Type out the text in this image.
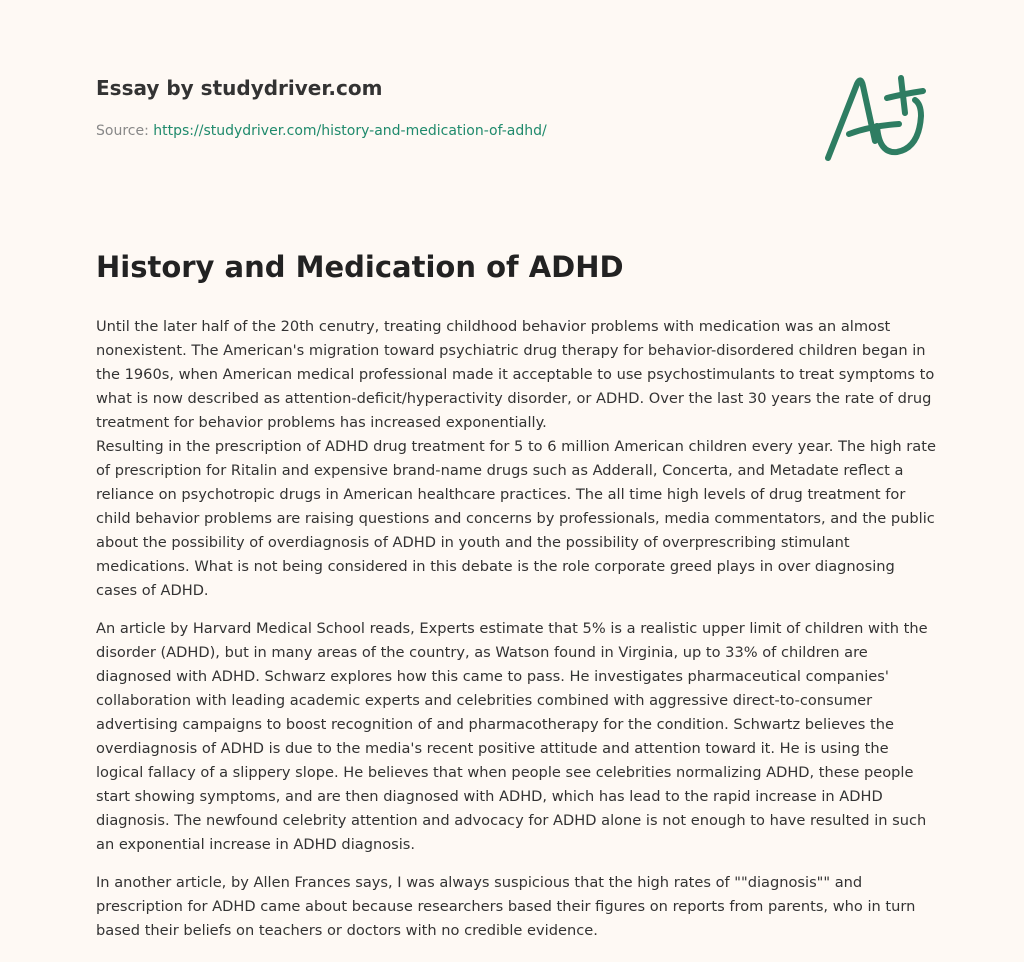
Essay by studydriver.com
Source: https://studydriver.com/history-and-medication-of-adhd/
History and Medication of ADHD

Until the later half of the 20th cenutry, treating childhood behavior problems with medication was an almost nonexistent. The American's migration toward psychiatric drug therapy for behavior-disordered children began in the 1960s, when American medical professional made it acceptable to use psychostimulants to treat symptoms to what is now described as attention-deficit/hyperactivity disorder, or ADHD. Over the last 30 years the rate of drug treatment for behavior problems has increased exponentially.

Resulting in the prescription of ADHD drug treatment for 5 to 6 million American children every year. The high rate of prescription for Ritalin and expensive brand-name drugs such as Adderall, Concerta, and Metadate reflect a reliance on psychotropic drugs in American healthcare practices. The all time high levels of drug treatment for child behavior problems are raising questions and concerns by professionals, media commentators, and the public about the possibility of overdiagnosis of ADHD in youth and the possibility of overprescribing stimulant medications. What is not being considered in this debate is the role corporate greed plays in over diagnosing cases of ADHD.

An article by Harvard Medical School reads, Experts estimate that 5% is a realistic upper limit of children with the disorder (ADHD), but in many areas of the country, as Watson found in Virginia, up to 33% of children are diagnosed with ADHD. Schwarz explores how this came to pass. He investigates pharmaceutical companies' collaboration with leading academic experts and celebrities combined with aggressive direct-to-consumer advertising campaigns to boost recognition of and pharmacotherapy for the condition. Schwartz believes the overdiagnosis of ADHD is due to the media's recent positive attitude and attention toward it. He is using the logical fallacy of a slippery slope. He believes that when people see celebrities normalizing ADHD, these people start showing symptoms, and are then diagnosed with ADHD, which has lead to the rapid increase in ADHD diagnosis. The newfound celebrity attention and advocacy for ADHD alone is not enough to have resulted in such an exponential increase in ADHD diagnosis.

In another article, by Allen Frances says, I was always suspicious that the high rates of ""diagnosis"" and prescription for ADHD came about because researchers based their figures on reports from parents, who in turn based their beliefs on teachers or doctors with no credible evidence.
